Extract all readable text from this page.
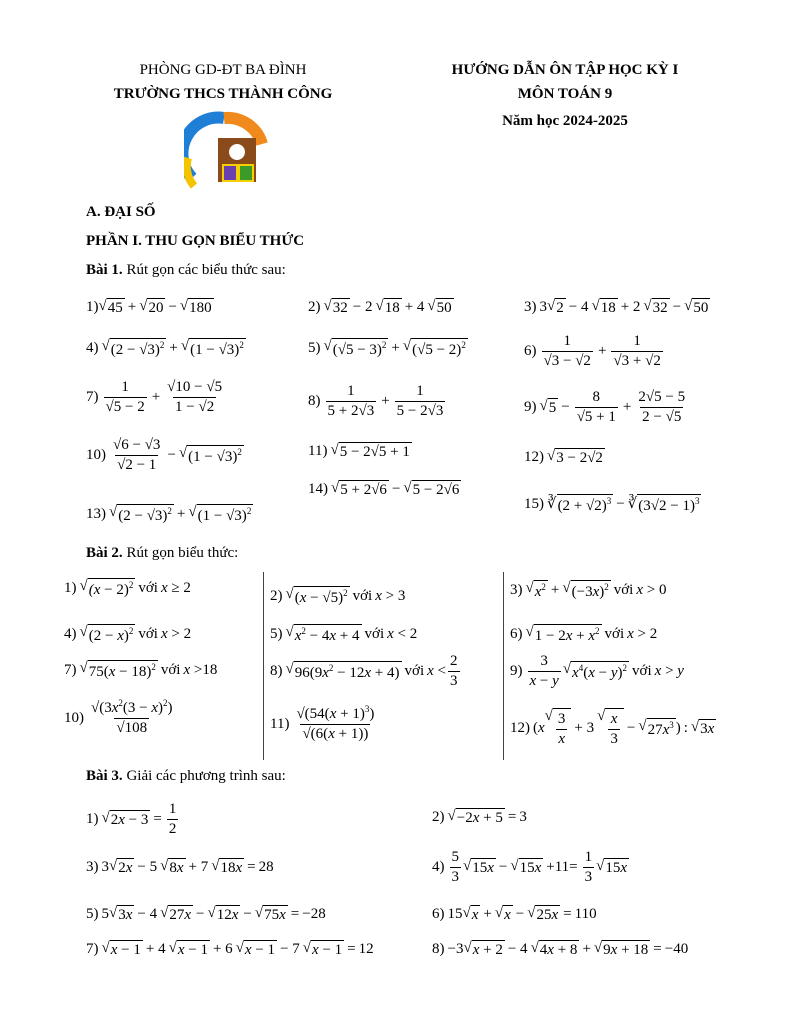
PHÒNG GD-ĐT BA ĐÌNH
TRƯỜNG THCS THÀNH CÔNG
HƯỚNG DẪN ÔN TẬP HỌC KỲ I
MÔN TOÁN 9
Năm học 2024-2025
A. ĐẠI SỐ
PHẦN I. THU GỌN BIỂU THỨC
Bài 1. Rút gọn các biểu thức sau:
1) √ 45 + √ 20 − √ 180	2) √ 32 − 2 √ 18 + 4 √ 50	3) 3 √ 2 − 4 √ 18 + 2 √ 32 − √ 50
4) √ $(2 - √3)^2$ + √ $(1 - √3)^2$	5) √ $(√5 - 3)^2$ + √ $(√5 - 2)^2$	$6) \frac{1}{√3 - √2} + \frac{1}{√3 + √2}$
$7) \frac{1}{√5 - 2} + \frac{√10 - √5}{1 - √2}$	$8) \frac{1}{5 + 2√3} + \frac{1}{5 - 2√3}$	9) √ $5 - \frac{8}{√5 + 1} + \frac{2√5 - 5}{2 - √5}$
$10) \frac{√6 - √3}{√2 - 1}$ − √ $(1 - √3)^2$	11) √ 5 − 2√5 + 1	12) √ 3 − 2√2
13) √ $(2 - √3)^2$ + √ $(1 - √3)^2$
14) √ 5 + 2√6 − √ 5 − 2√6
15) ∛ $(2 + √2)^3$ − ∛ $(3√2 - 1)^3$
Bài 2. Rút gọn biểu thức:
1) √ $(x - 2)^2$ với x ≥ 2	2) √ $(x - √5)^2$ với x > 3	3) √ $x^2$ + √ $(-3x)^2$ với x > 0
4) √ $(2 - x)^2$ với x > 2	5) √ $x^2 - 4x + 4$ với x < 2	6) √ $1 - 2x + x^2$ với x > 2
7) √ $75(x - 18)^2$ với x >18	8) √ $96(9x^2 - 12x + 4)$ với $x < \frac{2}{3}$	$9) \frac{3}{x - y}$ √ $x^4(x - y)^2$ với x > y
$10) \frac{√(3x^2(3 - x)^2)}{√108}$	$11) \frac{√(54(x + 1)^3)}{√(6(x + 1))}$	12) (x
√ $\frac{3}{x} + 3$
√ $\frac{x}{3}$ − √ $27x^3$ ) : √ 3x
Bài 3. Giải các phương trình sau:
1) √ $2x - 3 = \frac{1}{2}$	2) √ −2x + 5 = 3
3) 3 √ 2x − 5 √ 8x + 7 √ 18x = 28	$4) \frac{5}{3}$ √ 15x − √ $15x +11= \frac{1}{3}$ √ 15x
5) 5 √ 3x − 4 √ 27x − √ 12x − √ 75x = −28	6) 15 √ x + √ x − √ 25x = 110
7) √ x − 1 + 4 √ x − 1 + 6 √ x − 1 − 7 √ x − 1 = 12	8) −3 √ x + 2 − 4 √ 4x + 8 + √ 9x + 18 = −40
